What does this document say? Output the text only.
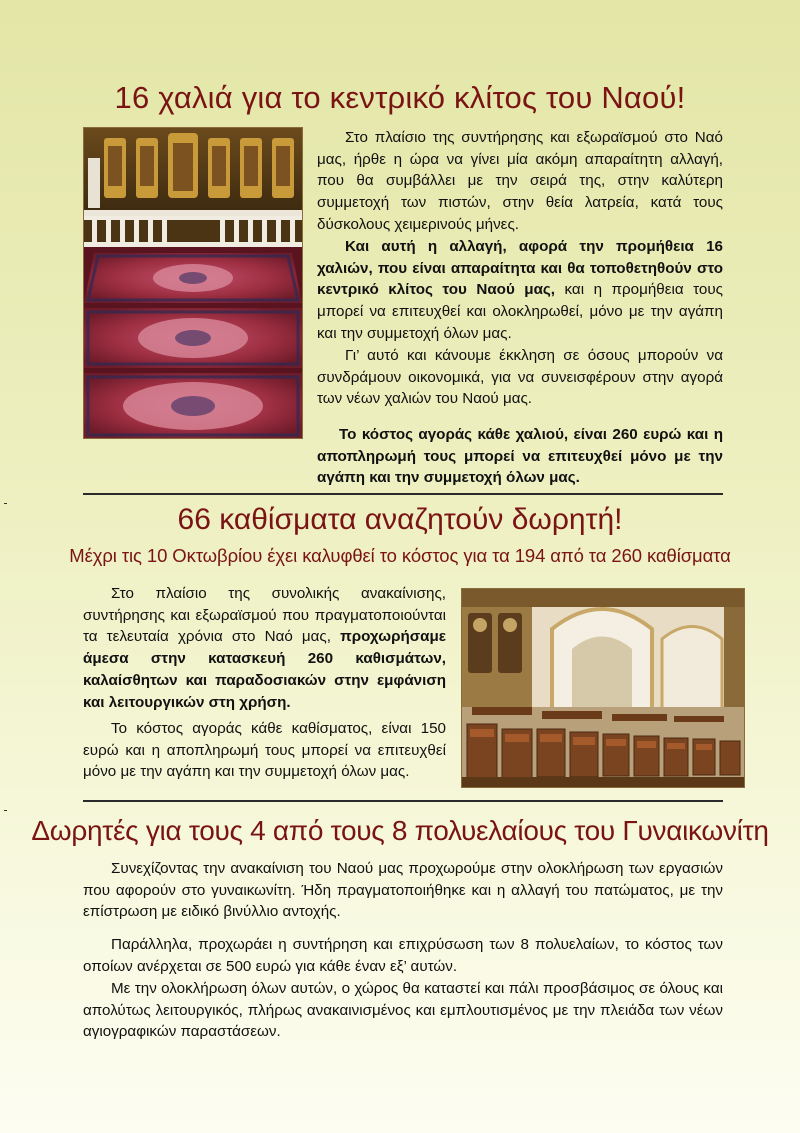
16 χαλιά για το κεντρικό κλίτος του Ναού!

Στο πλαίσιο της συντήρησης και εξωραϊσμού στο Ναό μας, ήρθε η ώρα να γίνει μία ακόμη απαραίτητη αλλαγή, που θα συμβάλλει με την σειρά της, στην καλύτερη συμμετοχή των πιστών, στην θεία λατρεία, κατά τους δύσκολους χειμερινούς μήνες.

Και αυτή η αλλαγή, αφορά την προμήθεια 16 χαλιών, που είναι απαραίτητα και θα τοποθετηθούν στο κεντρικό κλίτος του Ναού μας, και η προμήθεια τους μπορεί να επιτευχθεί και ολοκληρωθεί, μόνο με την αγάπη και την συμμετοχή όλων μας.

Γι’ αυτό και κάνουμε έκκληση σε όσους μπορούν να συνδράμουν οικονομικά, για να συνεισφέρουν στην αγορά των νέων χαλιών του Ναού μας.

Το κόστος αγοράς κάθε χαλιού, είναι 260 ευρώ και η αποπληρωμή τους μπορεί να επιτευχθεί μόνο με την αγάπη και την συμμετοχή όλων μας.

66 καθίσματα αναζητούν δωρητή!
Μέχρι τις 10 Οκτωβρίου έχει καλυφθεί το κόστος για τα 194 από τα 260 καθίσματα

Στο πλαίσιο της συνολικής ανακαίνισης, συντήρησης και εξωραϊσμού που πραγματοποιούνται τα τελευταία χρόνια στο Ναό μας, προχωρήσαμε άμεσα στην κατασκευή 260 καθισμάτων, καλαίσθητων και παραδοσιακών στην εμφάνιση και λειτουργικών στη χρήση.

Το κόστος αγοράς κάθε καθίσματος, είναι 150 ευρώ και η αποπληρωμή τους μπορεί να επιτευχθεί μόνο με την αγάπη και την συμμετοχή όλων μας.

Δωρητές για τους 4 από τους 8 πολυελαίους του Γυναικωνίτη

Συνεχίζοντας την ανακαίνιση του Ναού μας προχωρούμε στην ολοκλήρωση των εργασιών που αφορούν στο γυναικωνίτη. Ήδη πραγματοποιήθηκε και η αλλαγή του πατώματος, με την επίστρωση με ειδικό βινύλλιο αντοχής.

Παράλληλα, προχωράει η συντήρηση και επιχρύσωση των 8 πολυελαίων, το κόστος των οποίων ανέρχεται σε 500 ευρώ για κάθε έναν εξ’ αυτών.

Με την ολοκλήρωση όλων αυτών, ο χώρος θα καταστεί και πάλι προσβάσιμος σε όλους και απολύτως λειτουργικός, πλήρως ανακαινισμένος και εμπλουτισμένος με την πλειάδα των νέων αγιογραφικών παραστάσεων.
